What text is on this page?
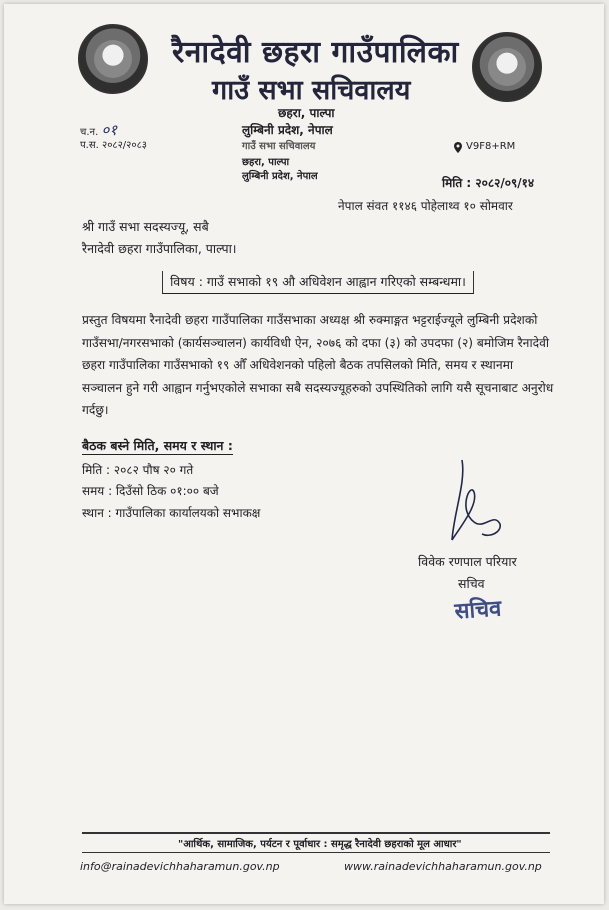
रैनादेवी छहरा गाउँपालिका
गाउँ सभा सचिवालय
च.न. ०१
प.स. २०८२/२०८३
छहरा, पाल्पा
लुम्बिनी प्रदेश, नेपाल
गाउँ सभा सचिवालय
छहरा, पाल्पा
लुम्बिनी प्रदेश, नेपाल
V9F8+RM
मिति : २०८२/०९/१४
नेपाल संवत ११४६ पोहेलाथ्व १० सोमवार
श्री गाउँ सभा सदस्यज्यू, सबै
रैनादेवी छहरा गाउँपालिका, पाल्पा।
विषय : गाउँ सभाको १९ औ अधिवेशन आह्वान गरिएको सम्बन्धमा।
प्रस्तुत विषयमा रैनादेवी छहरा गाउँपालिका गाउँसभाका अध्यक्ष श्री रुक्माङ्गत भट्टराईज्यूले लुम्बिनी प्रदेशको
गाउँसभा/नगरसभाको (कार्यसञ्चालन) कार्यविधी ऐन, २०७६ को दफा (३) को उपदफा (२) बमोजिम रैनादेवी
छहरा गाउँपालिका गाउँसभाको १९ औँ अधिवेशनको पहिलो बैठक तपसिलको मिति, समय र स्थानमा
सञ्चालन हुने गरी आह्वान गर्नुभएकोले सभाका सबै सदस्यज्यूहरुको उपस्थितिको लागि यसै सूचनाबाट अनुरोध
गर्दछु।
बैठक बस्ने मिति, समय र स्थान :
मिति : २०८२ पौष २० गते
समय : दिउँसो ठिक ०१:०० बजे
स्थान : गाउँपालिका कार्यालयको सभाकक्ष
विवेक रणपाल परियार
सचिव
सचिव
"आर्थिक, सामाजिक, पर्यटन र पूर्वाधार : समृद्ध रैनादेवी छहराको मूल आधार"
info@rainadevichhaharamun.gov.np	www.rainadevichhaharamun.gov.np
